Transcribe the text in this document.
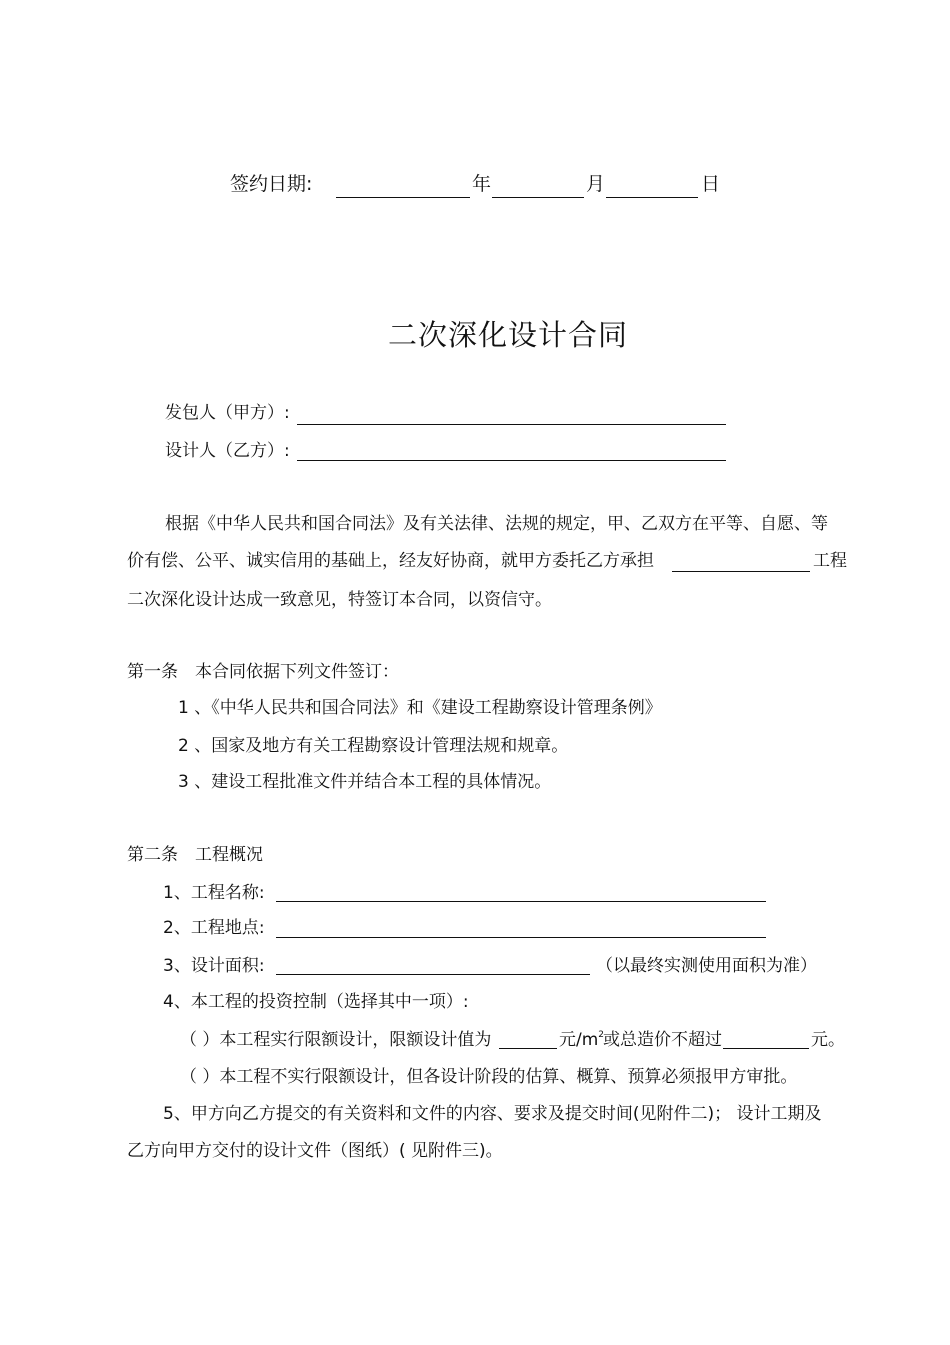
签约日期:	年	月	日
二次深化设计合同
发包人（甲方）:
设计人（乙方）:
根据《中华人民共和国合同法》及有关法律、法规的规定，甲、乙双方在平等、自愿、等
价有偿、公平、诚实信用的基础上，经友好协商，就甲方委托乙方承担	工程
二次深化设计达成一致意见，特签订本合同，以资信守。
第一条　本合同依据下列文件签订：
1 、《中华人民共和国合同法》和《建设工程勘察设计管理条例》
2 、国家及地方有关工程勘察设计管理法规和规章。
3 、建设工程批准文件并结合本工程的具体情况。
第二条　工程概况
1、工程名称:
2、工程地点:
3、设计面积:	（以最终实测使用面积为准）
4、本工程的投资控制（选择其中一项）:
（ ）本工程实行限额设计，限额设计值为	元$/m^2$
或总造价不超过	元。
（ ）本工程不实行限额设计，但各设计阶段的估算、概算、预算必须报甲方审批。
5、甲方向乙方提交的有关资料和文件的内容、要求及提交时间(见附件二)； 设计工期及
乙方向甲方交付的设计文件（图纸）( 见附件三)。
